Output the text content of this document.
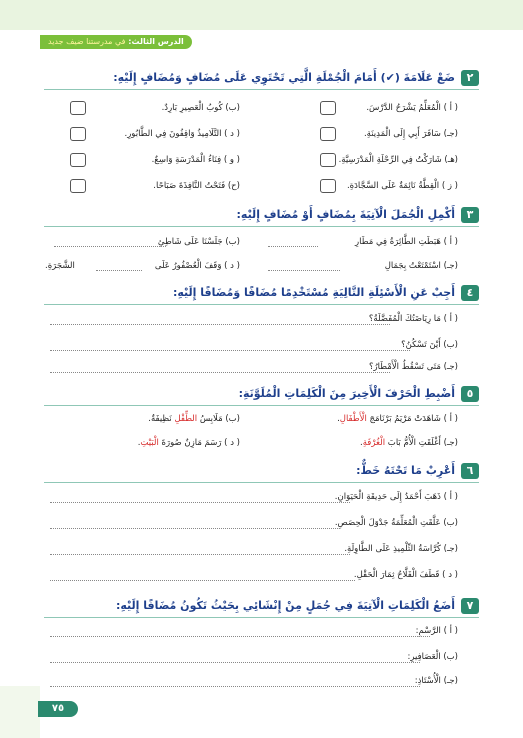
الدرس الثالث: في مدرستنا ضيف جديد
٢
ضَعْ عَلَامَةَ (✔) أَمَامَ الْجُمْلَةِ الَّتِي تَحْتَوِي عَلَى مُضَافٍ وَمُضَافٍ إِلَيْهِ:
( أ ) الْمُعَلِّمُ يَشْرَحُ الدَّرْسَ.
(ب) كُوبُ الْعَصِيرِ بَارِدٌ.
(جـ) سَافَرَ أَبِي إِلَى الْمَدِينَةِ.
( د ) التَّلَامِيذُ وَاقِفُونَ فِي الطَّابُورِ.
(هـ) شَارَكْتُ فِي الرِّحْلَةِ الْمَدْرَسِيَّةِ.
( و ) فِنَاءُ الْمَدْرَسَةِ وَاسِعٌ.
( ز ) الْقِطَّةُ نَائِمَةٌ عَلَى السَّجَّادَةِ.
(ح) فَتَحْتُ النَّافِذَةَ صَبَاحًا.
٣
أَكْمِلِ الْجُمَلَ الْآتِيَةَ بِمُضَافٍ أَوْ مُضَافٍ إِلَيْهِ:
( أ ) هَبَطَتِ الطَّائِرَةُ فِي مَطَارِ
(ب) جَلَسْنَا عَلَى شَاطِئِ
(جـ) اسْتَمْتَعْتُ بِجَمَالِ
( د ) وَقَفَ الْعُصْفُورُ عَلَى
الشَّجَرَةِ.
٤
أَجِبْ عَنِ الْأَسْئِلَةِ التَّالِيَةِ مُسْتَخْدِمًا مُضَافًا وَمُضَافًا إِلَيْهِ:
( أ ) مَا رِيَاضَتُكَ الْمُفَضَّلَةُ؟
(ب) أَيْنَ تَسْكُنُ؟
(جـ) مَتَى تَسْقُطُ الْأَمْطَارُ؟
٥
أَضْبِطِ الْحَرْفَ الْأَخِيرَ مِنَ الْكَلِمَاتِ الْمُلَوَّنَةِ:
( أ ) شَاهَدَتْ مَرْيَمُ بَرْنَامَجَ الْأَطْفَالِ.
(ب) مَلَابِسُ الطِّفْلِ نَظِيفَةٌ.
(جـ) أَغْلَقَتِ الْأُمُّ بَابَ الْغُرْفَةِ.
( د ) رَسَمَ مَازِنٌ صُورَةَ الْبَيْتِ.
٦
أَعْرِبْ مَا تَحْتَهُ خَطٌّ:
( أ ) ذَهَبَ أَحْمَدُ إِلَى حَدِيقَةِ الْحَيَوَانِ.
(ب) عَلَّقَتِ الْمُعَلِّمَةُ جَدْوَلَ الْحِصَصِ.
(جـ) كُرَّاسَةُ التِّلْمِيذِ عَلَى الطَّاوِلَةِ.
( د ) قَطَفَ الْفَلَّاحُ ثِمَارَ الْحَقْلِ.
٧
أَضَعُ الْكَلِمَاتِ الْآتِيَةَ فِي جُمَلٍ مِنْ إِنْشَائِي بِحَيْثُ تَكُونُ مُضَافًا إِلَيْهِ:
( أ ) الرَّسْمِ:
(ب) الْعَصَافِيرِ:
(جـ) الْأُسْتَاذِ:
٧٥
